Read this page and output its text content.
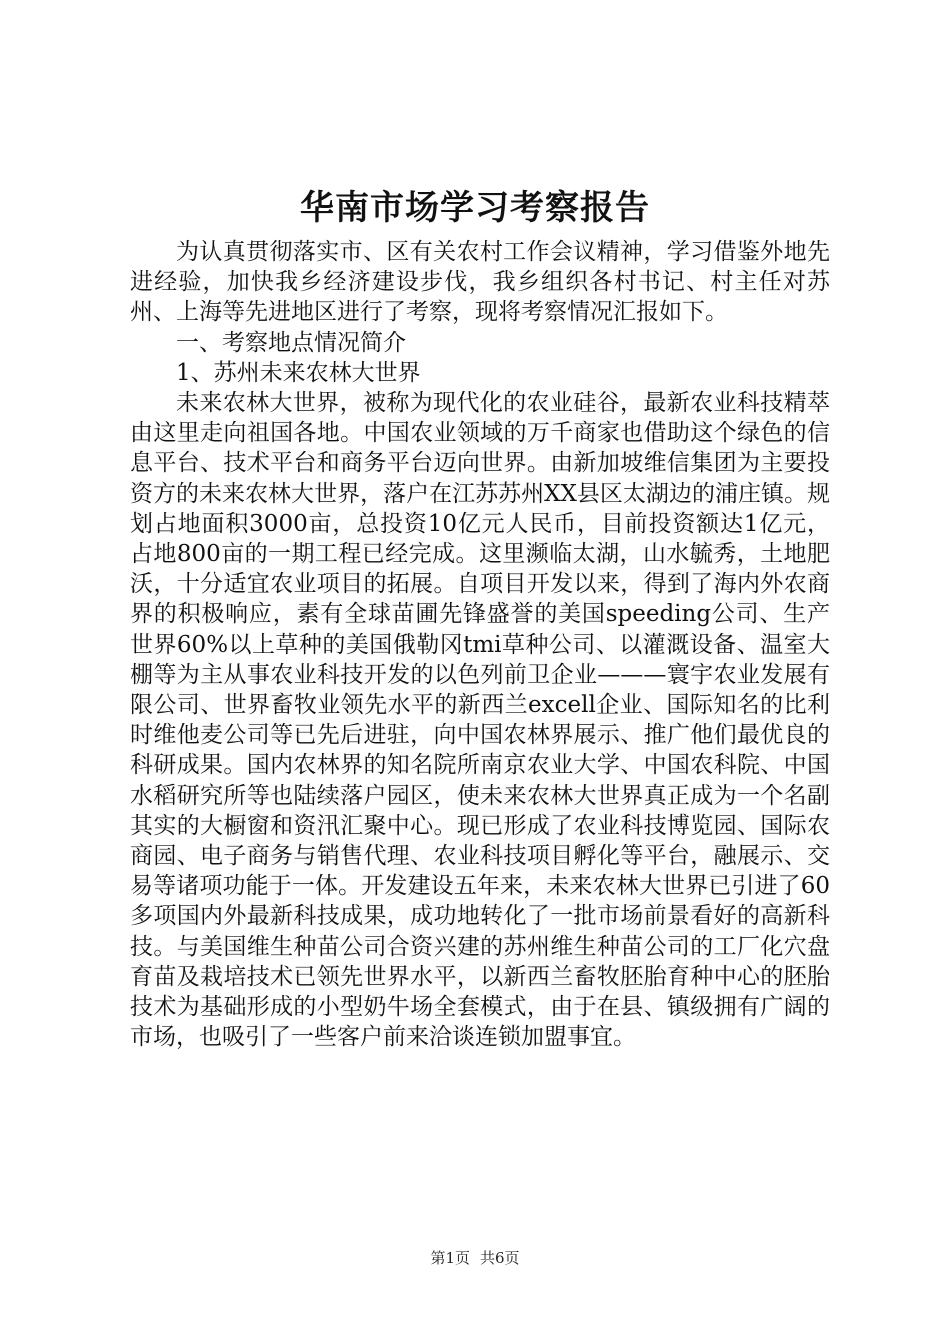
华南市场学习考察报告

为认真贯彻落实市、区有关农村工作会议精神，学习借鉴外地先进经验，加快我乡经济建设步伐，我乡组织各村书记、村主任对苏州、上海等先进地区进行了考察，现将考察情况汇报如下。

一、考察地点情况简介

1、苏州未来农林大世界

未来农林大世界，被称为现代化的农业硅谷，最新农业科技精萃由这里走向祖国各地。中国农业领域的万千商家也借助这个绿色的信息平台、技术平台和商务平台迈向世界。由新加坡维信集团为主要投资方的未来农林大世界，落户在江苏苏州XX县区太湖边的浦庄镇。规划占地面积3000亩，总投资10亿元人民币，目前投资额达1亿元，占地800亩的一期工程已经完成。这里濒临太湖，山水毓秀，土地肥沃，十分适宜农业项目的拓展。自项目开发以来，得到了海内外农商界的积极响应，素有全球苗圃先锋盛誉的美国speeding公司、生产世界60%以上草种的美国俄勒冈tmi草种公司、以灌溉设备、温室大棚等为主从事农业科技开发的以色列前卫企业———寰宇农业发展有限公司、世界畜牧业领先水平的新西兰excell企业、国际知名的比利时维他麦公司等已先后进驻，向中国农林界展示、推广他们最优良的科研成果。国内农林界的知名院所南京农业大学、中国农科院、中国水稻研究所等也陆续落户园区，使未来农林大世界真正成为一个名副其实的大橱窗和资汛汇聚中心。现已形成了农业科技博览园、国际农商园、电子商务与销售代理、农业科技项目孵化等平台，融展示、交易等诸项功能于一体。开发建设五年来，未来农林大世界已引进了60多项国内外最新科技成果，成功地转化了一批市场前景看好的高新科技。与美国维生种苗公司合资兴建的苏州维生种苗公司的工厂化穴盘育苗及栽培技术已领先世界水平，以新西兰畜牧胚胎育种中心的胚胎技术为基础形成的小型奶牛场全套模式，由于在县、镇级拥有广阔的市场，也吸引了一些客户前来洽谈连锁加盟事宜。

第1页 共6页
